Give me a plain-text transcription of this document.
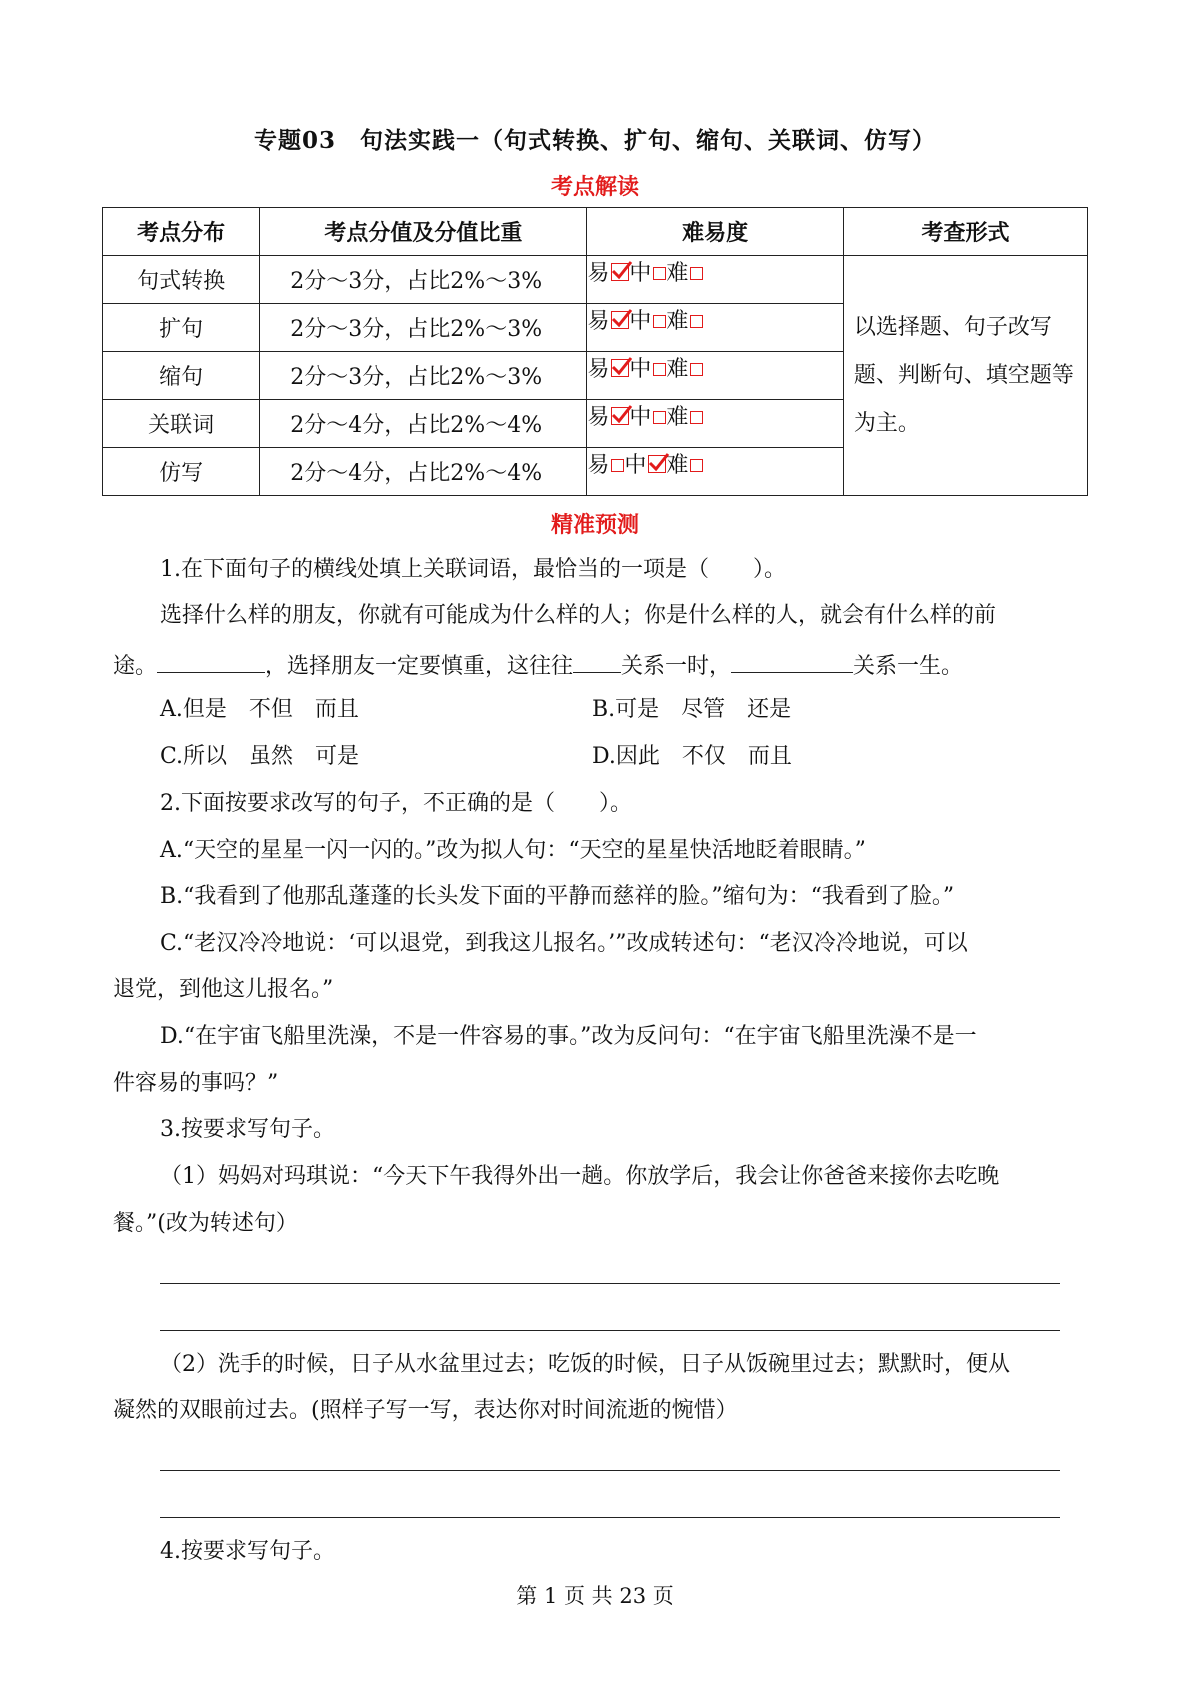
专题03　句法实践一（句式转换、扩句、缩句、关联词、仿写）
考点解读
考点分布	考点分值及分值比重	难易度	考查形式
句式转换	2分～3分，占比2%～3%	易 中 难	以选择题、句子改写题、判断句、填空题等为主。
扩句	2分～3分，占比2%～3%	易 中 难	

缩句	2分～3分，占比2%～3%	易 中 难	

关联词	2分～4分，占比2%～4%	易 中 难	

仿写	2分～4分，占比2%～4%	易 中 难	
精准预测
1.在下面句子的横线处填上关联词语，最恰当的一项是（　　）。
选择什么样的朋友，你就有可能成为什么样的人；你是什么样的人，就会有什么样的前
途。	，选择朋友一定要慎重，这往往 关系一时，	关系一生。
A.但是　不但　而且	B.可是　尽管　还是
C.所以　虽然　可是	D.因此　不仅　而且
2.下面按要求改写的句子，不正确的是（　　）。
A.“天空的星星一闪一闪的。”改为拟人句：“天空的星星快活地眨着眼睛。”
B.“我看到了他那乱蓬蓬的长头发下面的平静而慈祥的脸。”缩句为：“我看到了脸。”
C.“老汉冷冷地说：‘可以退党，到我这儿报名。’”改成转述句：“老汉冷冷地说，可以
退党，到他这儿报名。”
D.“在宇宙飞船里洗澡，不是一件容易的事。”改为反问句：“在宇宙飞船里洗澡不是一
件容易的事吗？”
3.按要求写句子。
（1）妈妈对玛琪说：“今天下午我得外出一趟。你放学后，我会让你爸爸来接你去吃晚
餐。”(改为转述句）
（2）洗手的时候，日子从水盆里过去；吃饭的时候，日子从饭碗里过去；默默时，便从
凝然的双眼前过去。(照样子写一写，表达你对时间流逝的惋惜）
4.按要求写句子。
第 1 页 共 23 页
